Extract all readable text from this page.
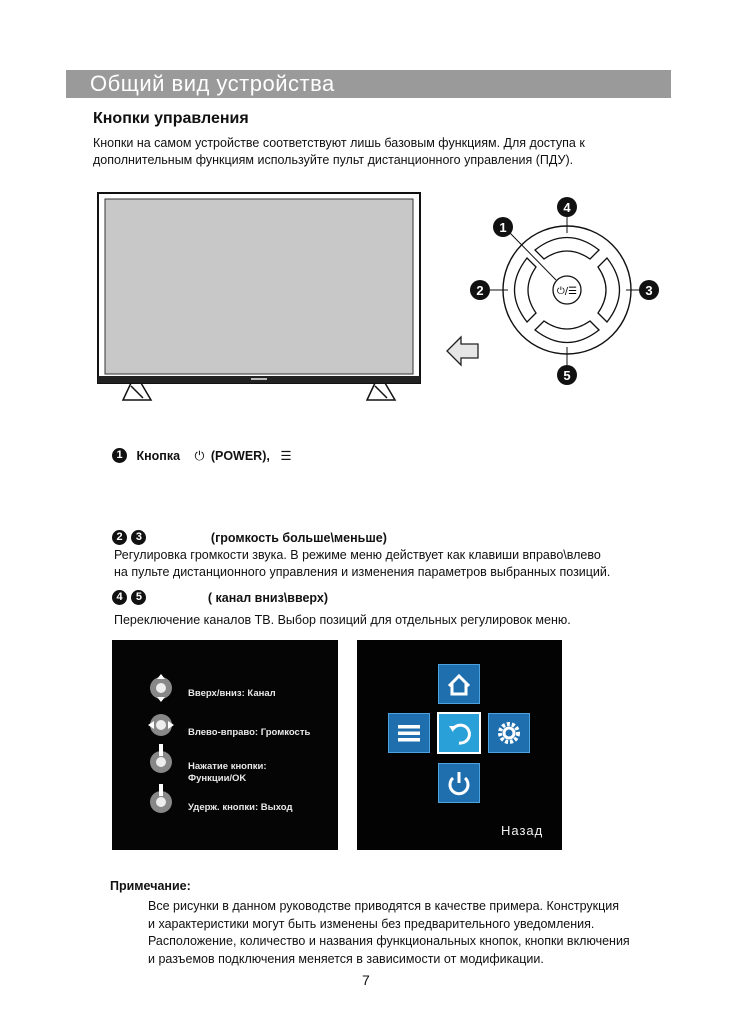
Общий вид устройства
Кнопки управления
Кнопки на самом устройстве соответствуют лишь базовым функциям. Для доступа к
дополнительным функциям используйте пульт дистанционного управления (ПДУ).
⏻/☰
1
4
2	3
5
1 Кнопка ⏻ (POWER), ☰
2 3	(громкость больше\меньше)
Регулировка громкости звука. В режиме меню действует как клавиши вправо\влево
на пульте дистанционного управления и изменения параметров выбранных позиций.
4 5	( канал вниз\вверх)
Переключение каналов ТВ. Выбор позиций для отдельных регулировок меню.
Вверх/вниз: Канал
Влево-вправо: Громкость
Нажатие кнопки:
Функции/OK
Удерж. кнопки: Выход
Назад
Примечание:
Все рисунки в данном руководстве приводятся в качестве примера. Конструкция
и характеристики могут быть изменены без предварительного уведомления.
Расположение, количество и названия функциональных кнопок, кнопки включения
и разъемов подключения меняется в зависимости от модификации.
7
